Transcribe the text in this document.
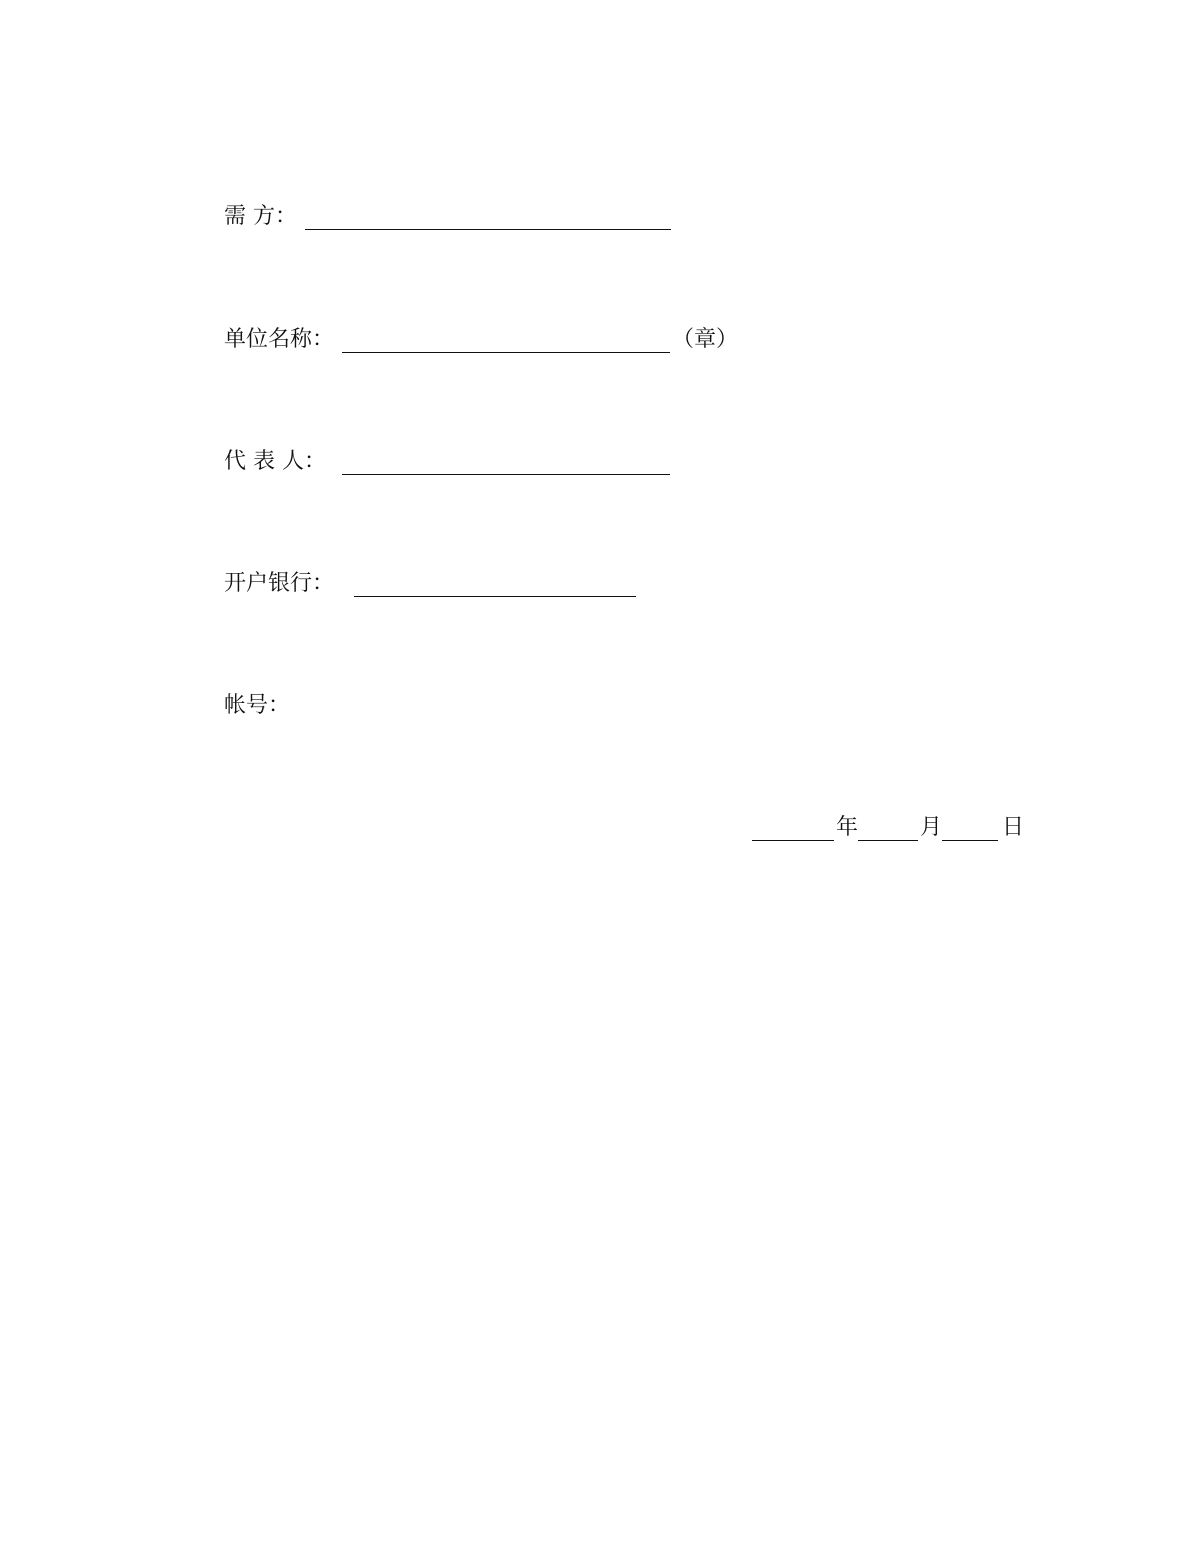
需 方：
单位名称：	（章）
代 表 人：
开户银行：
帐号：
年	月	日
